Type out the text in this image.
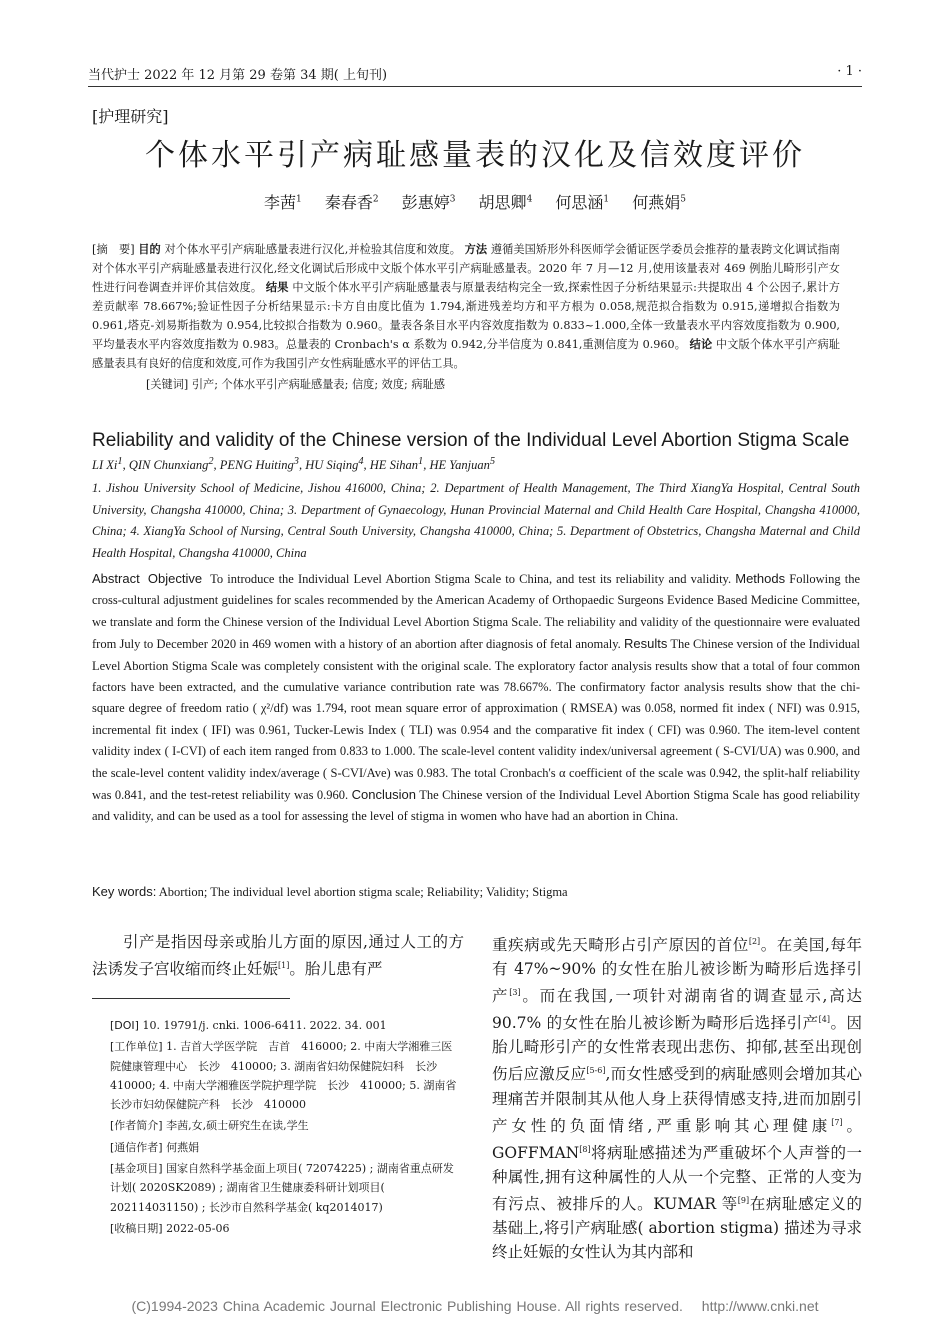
当代护士 2022 年 12 月第 29 卷第 34 期( 上旬刊)	· 1 ·
[护理研究]
个体水平引产病耻感量表的汉化及信效度评价
李茜$^1$ 秦春香$^2$ 彭惠婷$^3$ 胡思卿$^4$ 何思涵$^1$ 何燕娟$^5$
[摘　要] 目的 对个体水平引产病耻感量表进行汉化,并检验其信度和效度。 方法 遵循美国矫形外科医师学会循证医学委员会推荐的量表跨文化调试指南对个体水平引产病耻感量表进行汉化,经文化调试后形成中文版个体水平引产病耻感量表。2020 年 7 月—12 月,使用该量表对 469 例胎儿畸形引产女性进行问卷调查并评价其信效度。 结果 中文版个体水平引产病耻感量表与原量表结构完全一致,探索性因子分析结果显示:共提取出 4 个公因子,累计方差贡献率 78.667%;验证性因子分析结果显示:卡方自由度比值为 1.794,渐进残差均方和平方根为 0.058,规范拟合指数为 0.915,递增拟合指数为 0.961,塔克-刘易斯指数为 0.954,比较拟合指数为 0.960。量表各条目水平内容效度指数为 0.833~1.000,全体一致量表水平内容效度指数为 0.900,平均量表水平内容效度指数为 0.983。总量表的 Cronbach's α 系数为 0.942,分半信度为 0.841,重测信度为 0.960。 结论 中文版个体水平引产病耻感量表具有良好的信度和效度,可作为我国引产女性病耻感水平的评估工具。
[关键词] 引产; 个体水平引产病耻感量表; 信度; 效度; 病耻感
Reliability and validity of the Chinese version of the Individual Level Abortion Stigma Scale
LI Xi$^1$, QIN Chunxiang$^2$, PENG Huiting$^3$, HU Siqing$^4$, HE Sihan$^1$, HE Yanjuan$^5$
1. Jishou University School of Medicine, Jishou 416000, China; 2. Department of Health Management, The Third XiangYa Hospital, Central South University, Changsha 410000, China; 3. Department of Gynaecology, Hunan Provincial Maternal and Child Health Care Hospital, Changsha 410000, China; 4. XiangYa School of Nursing, Central South University, Changsha 410000, China; 5. Department of Obstetrics, Changsha Maternal and Child Health Hospital, Changsha 410000, China
Abstract Objective To introduce the Individual Level Abortion Stigma Scale to China, and test its reliability and validity. Methods Following the cross-cultural adjustment guidelines for scales recommended by the American Academy of Orthopaedic Surgeons Evidence Based Medicine Committee, we translate and form the Chinese version of the Individual Level Abortion Stigma Scale. The reliability and validity of the questionnaire were evaluated from July to December 2020 in 469 women with a history of an abortion after diagnosis of fetal anomaly. Results The Chinese version of the Individual Level Abortion Stigma Scale was completely consistent with the original scale. The exploratory factor analysis results show that a total of four common factors have been extracted, and the cumulative variance contribution rate was 78.667%. The confirmatory factor analysis results show that the chi-square degree of freedom ratio ( χ²/df) was 1.794, root mean square error of approximation ( RMSEA) was 0.058, normed fit index ( NFI) was 0.915, incremental fit index ( IFI) was 0.961, Tucker-Lewis Index ( TLI) was 0.954 and the comparative fit index ( CFI) was 0.960. The item-level content validity index ( I-CVI) of each item ranged from 0.833 to 1.000. The scale-level content validity index/universal agreement ( S-CVI/UA) was 0.900, and the scale-level content validity index/average ( S-CVI/Ave) was 0.983. The total Cronbach's α coefficient of the scale was 0.942, the split-half reliability was 0.841, and the test-retest reliability was 0.960. Conclusion The Chinese version of the Individual Level Abortion Stigma Scale has good reliability and validity, and can be used as a tool for assessing the level of stigma in women who have had an abortion in China.
Key words: Abortion; The individual level abortion stigma scale; Reliability; Validity; Stigma
引产是指因母亲或胎儿方面的原因,通过人工的方法诱发子宫收缩而终止妊娠[1]。胎儿患有严
重疾病或先天畸形占引产原因的首位[2]。在美国,每年有 47%~90% 的女性在胎儿被诊断为畸形后选择引产[3]。而在我国,一项针对湖南省的调查显示,高达 90.7% 的女性在胎儿被诊断为畸形后选择引产[4]。因胎儿畸形引产的女性常表现出悲伤、抑郁,甚至出现创伤后应激反应[5-6],而女性感受到的病耻感则会增加其心理痛苦并限制其从他人身上获得情感支持,进而加剧引产女性的负面情绪,严重影响其心理健康[7]。GOFFMAN[8]将病耻感描述为严重破坏个人声誉的一种属性,拥有这种属性的人从一个完整、正常的人变为有污点、被排斥的人。KUMAR 等[9]在病耻感定义的基础上,将引产病耻感( abortion stigma) 描述为寻求终止妊娠的女性认为其内部和
[DOI] 10. 19791/j. cnki. 1006-6411. 2022. 34. 001
[工作单位] 1. 吉首大学医学院　吉首　416000; 2. 中南大学湘雅三医院健康管理中心　长沙　410000; 3. 湖南省妇幼保健院妇科　长沙　410000; 4. 中南大学湘雅医学院护理学院　长沙　410000; 5. 湖南省长沙市妇幼保健院产科　长沙　410000
[作者简介] 李茜,女,硕士研究生在读,学生
[通信作者] 何燕娟
[基金项目] 国家自然科学基金面上项目( 72074225) ; 湖南省重点研发计划( 2020SK2089) ; 湖南省卫生健康委科研计划项目( 202114031150) ; 长沙市自然科学基金( kq2014017)
[收稿日期] 2022-05-06
(C)1994-2023 China Academic Journal Electronic Publishing House. All rights reserved.　 http://www.cnki.net
